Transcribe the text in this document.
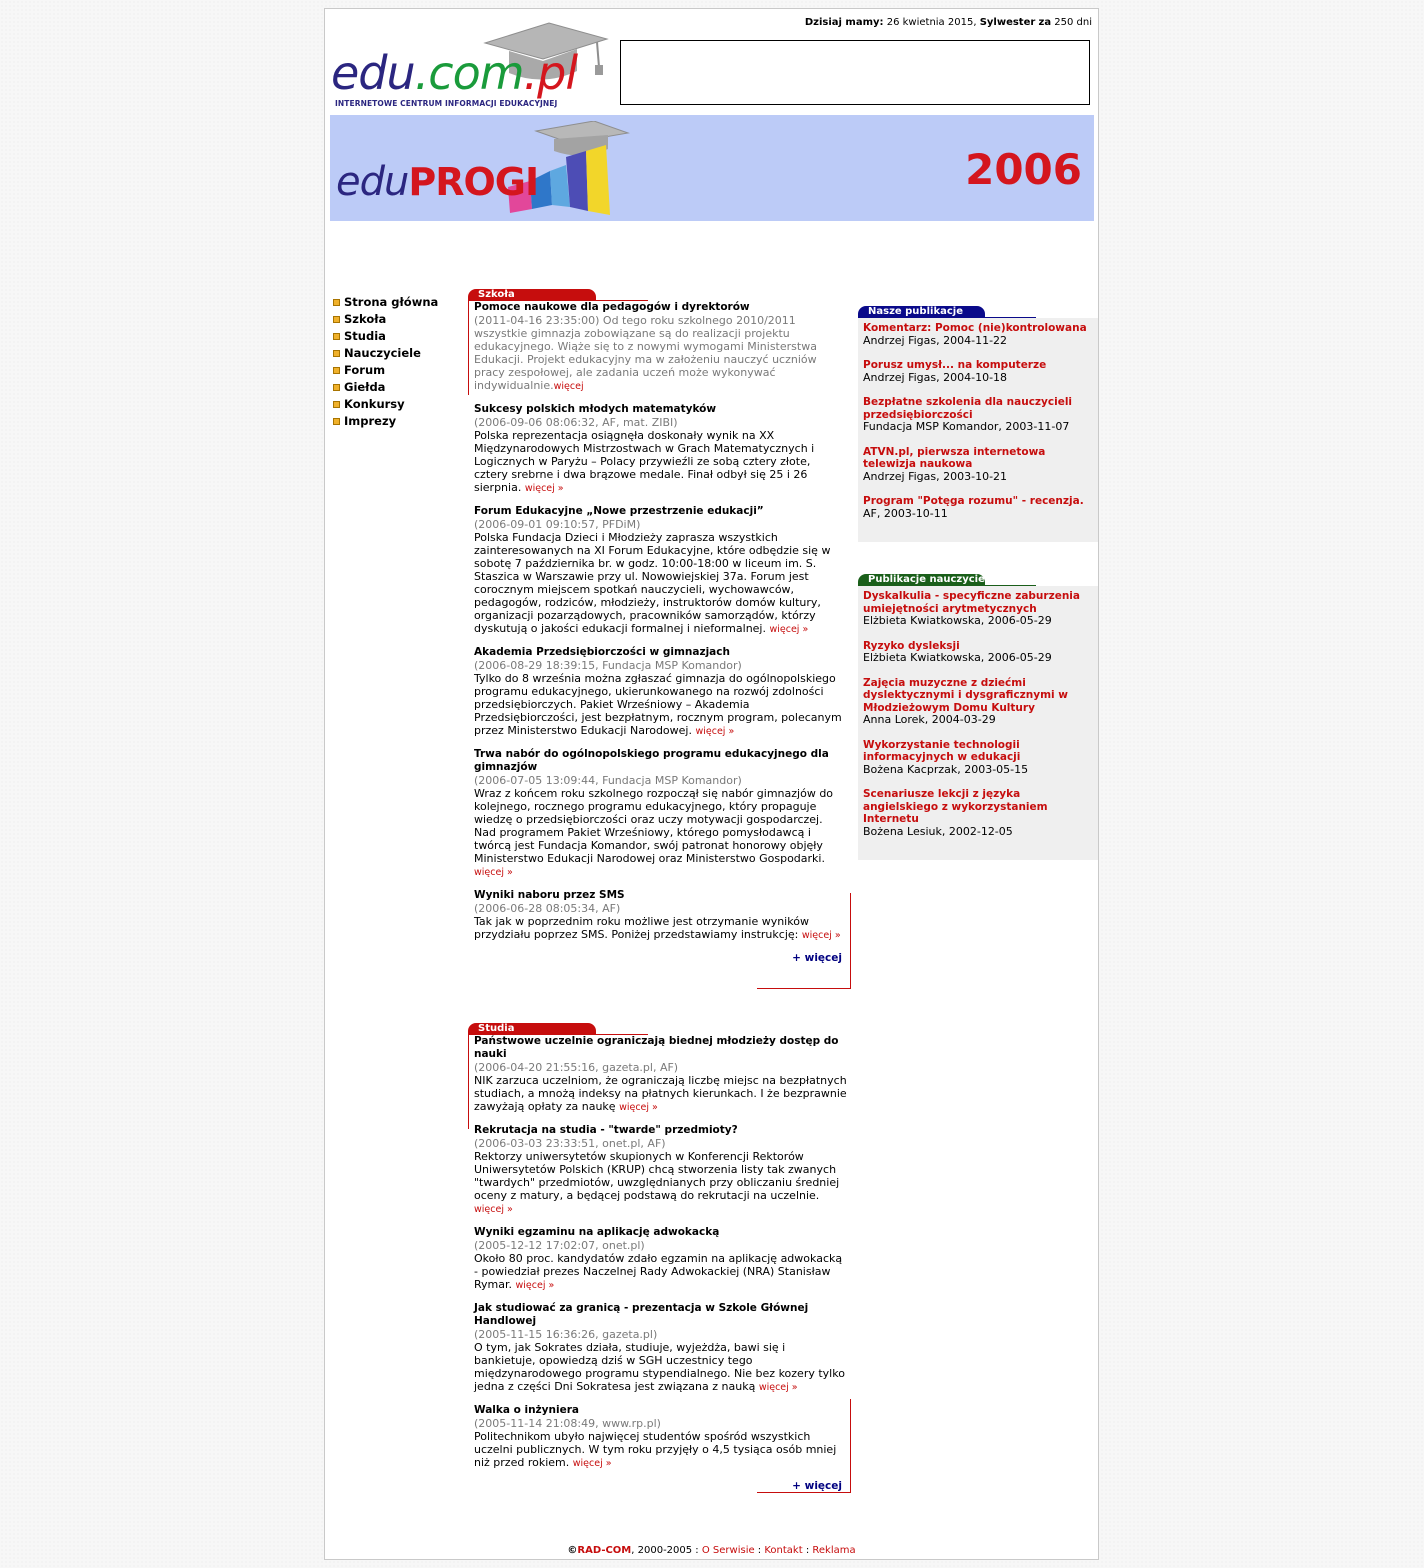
Dzisiaj mamy: 26 kwietnia 2015, Sylwester za 250 dni
edu.com.pl
INTERNETOWE CENTRUM INFORMACJI EDUKACYJNEJ
eduPROGI	2006
Strona główna
Szkoła
Studia
Nauczyciele
Forum
Giełda
Konkursy
Imprezy
Szkoła
Pomoce naukowe dla pedagogów i dyrektorów
(2011-04-16 23:35:00) Od tego roku szkolnego 2010/2011 wszystkie gimnazja zobowiązane są do realizacji projektu edukacyjnego. Wiąże się to z nowymi wymogami Ministerstwa Edukacji. Projekt edukacyjny ma w założeniu nauczyć uczniów pracy zespołowej, ale zadania uczeń może wykonywać indywidualnie.więcej
Sukcesy polskich młodych matematyków
(2006-09-06 08:06:32, AF, mat. ZIBI)
Polska reprezentacja osiągnęła doskonały wynik na XX Międzynarodowych Mistrzostwach w Grach Matematycznych i Logicznych w Paryżu – Polacy przywieźli ze sobą cztery złote, cztery srebrne i dwa brązowe medale. Finał odbył się 25 i 26 sierpnia. więcej »
Forum Edukacyjne „Nowe przestrzenie edukacji”
(2006-09-01 09:10:57, PFDiM)
Polska Fundacja Dzieci i Młodzieży zaprasza wszystkich zainteresowanych na XI Forum Edukacyjne, które odbędzie się w sobotę 7 października br. w godz. 10:00-18:00 w liceum im. S. Staszica w Warszawie przy ul. Nowowiejskiej 37a. Forum jest corocznym miejscem spotkań nauczycieli, wychowawców, pedagogów, rodziców, młodzieży, instruktorów domów kultury, organizacji pozarządowych, pracowników samorządów, którzy dyskutują o jakości edukacji formalnej i nieformalnej. więcej »
Akademia Przedsiębiorczości w gimnazjach
(2006-08-29 18:39:15, Fundacja MSP Komandor)
Tylko do 8 września można zgłaszać gimnazja do ogólnopolskiego programu edukacyjnego, ukierunkowanego na rozwój zdolności przedsiębiorczych. Pakiet Wrześniowy – Akademia Przedsiębiorczości, jest bezpłatnym, rocznym program, polecanym przez Ministerstwo Edukacji Narodowej. więcej »
Trwa nabór do ogólnopolskiego programu edukacyjnego dla gimnazjów
(2006-07-05 13:09:44, Fundacja MSP Komandor)
Wraz z końcem roku szkolnego rozpoczął się nabór gimnazjów do kolejnego, rocznego programu edukacyjnego, który propaguje wiedzę o przedsiębiorczości oraz uczy motywacji gospodarczej. Nad programem Pakiet Wrześniowy, którego pomysłodawcą i twórcą jest Fundacja Komandor, swój patronat honorowy objęły Ministerstwo Edukacji Narodowej oraz Ministerstwo Gospodarki. więcej »
Wyniki naboru przez SMS
(2006-06-28 08:05:34, AF)
Tak jak w poprzednim roku możliwe jest otrzymanie wyników przydziału poprzez SMS. Poniżej przedstawiamy instrukcję: więcej »
+ więcej
Studia
Państwowe uczelnie ograniczają biednej młodzieży dostęp do nauki
(2006-04-20 21:55:16, gazeta.pl, AF)
NIK zarzuca uczelniom, że ograniczają liczbę miejsc na bezpłatnych studiach, a mnożą indeksy na płatnych kierunkach. I że bezprawnie zawyżają opłaty za naukę więcej »
Rekrutacja na studia - "twarde" przedmioty?
(2006-03-03 23:33:51, onet.pl, AF)
Rektorzy uniwersytetów skupionych w Konferencji Rektorów Uniwersytetów Polskich (KRUP) chcą stworzenia listy tak zwanych "twardych" przedmiotów, uwzględnianych przy obliczaniu średniej oceny z matury, a będącej podstawą do rekrutacji na uczelnie. więcej »
Wyniki egzaminu na aplikację adwokacką
(2005-12-12 17:02:07, onet.pl)
Około 80 proc. kandydatów zdało egzamin na aplikację adwokacką - powiedział prezes Naczelnej Rady Adwokackiej (NRA) Stanisław Rymar. więcej »
Jak studiować za granicą - prezentacja w Szkole Głównej Handlowej
(2005-11-15 16:36:26, gazeta.pl)
O tym, jak Sokrates działa, studiuje, wyjeżdża, bawi się i bankietuje, opowiedzą dziś w SGH uczestnicy tego międzynarodowego programu stypendialnego. Nie bez kozery tylko jedna z części Dni Sokratesa jest związana z nauką więcej »
Walka o inżyniera
(2005-11-14 21:08:49, www.rp.pl)
Politechnikom ubyło najwięcej studentów spośród wszystkich uczelni publicznych. W tym roku przyjęły o 4,5 tysiąca osób mniej niż przed rokiem. więcej »
+ więcej
Nasze publikacje
Komentarz: Pomoc (nie)kontrolowana
Andrzej Figas, 2004-11-22
Porusz umysł... na komputerze
Andrzej Figas, 2004-10-18
Bezpłatne szkolenia dla nauczycieli przedsiębiorczości
Fundacja MSP Komandor, 2003-11-07
ATVN.pl, pierwsza internetowa telewizja naukowa
Andrzej Figas, 2003-10-21
Program "Potęga rozumu" - recenzja.
AF, 2003-10-11
Publikacje nauczycielskie
Dyskalkulia - specyficzne zaburzenia umiejętności arytmetycznych
Elżbieta Kwiatkowska, 2006-05-29
Ryzyko dysleksji
Elżbieta Kwiatkowska, 2006-05-29
Zajęcia muzyczne z dziećmi dyslektycznymi i dysgraficznymi w Młodzieżowym Domu Kultury
Anna Lorek, 2004-03-29
Wykorzystanie technologii informacyjnych w edukacji
Bożena Kacprzak, 2003-05-15
Scenariusze lekcji z języka angielskiego z wykorzystaniem Internetu
Bożena Lesiuk, 2002-12-05
©RAD-COM, 2000-2005 : O Serwisie : Kontakt : Reklama
